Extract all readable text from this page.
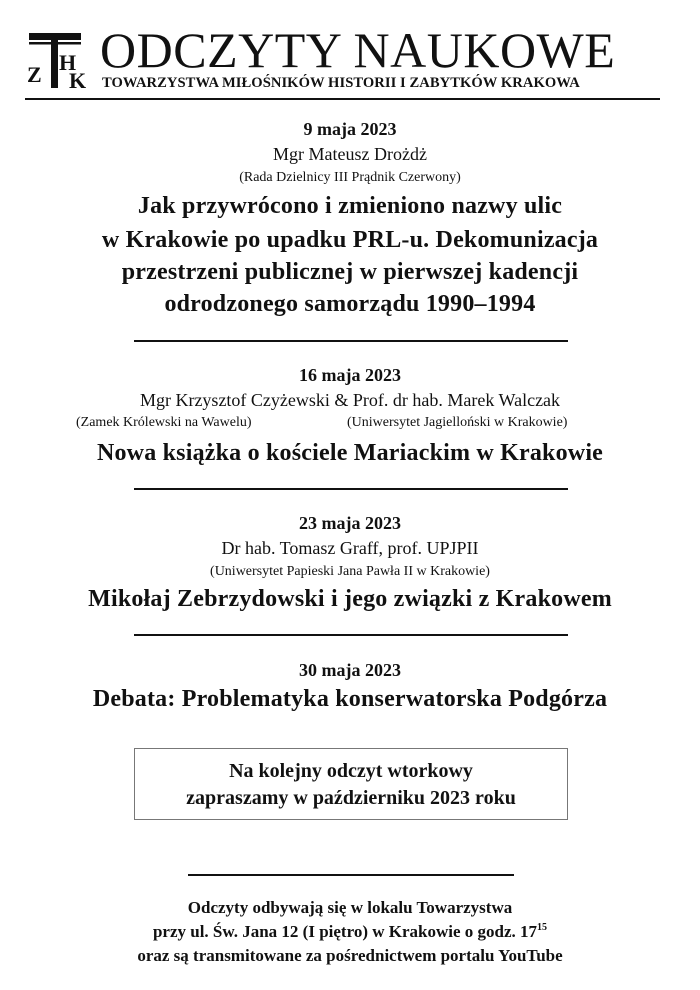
Z H
K
ODCZYTY NAUKOWE
TOWARZYSTWA MIŁOŚNIKÓW HISTORII I ZABYTKÓW KRAKOWA
9 maja 2023
Mgr Mateusz Drożdż
(Rada Dzielnicy III Prądnik Czerwony)
Jak przywrócono i zmieniono nazwy ulic
w Krakowie po upadku PRL-u. Dekomunizacja
przestrzeni publicznej w pierwszej kadencji
odrodzonego samorządu 1990–1994
16 maja 2023
Mgr Krzysztof Czyżewski & Prof. dr hab. Marek Walczak
(Zamek Królewski na Wawelu)	(Uniwersytet Jagielloński w Krakowie)
Nowa książka o kościele Mariackim w Krakowie
23 maja 2023
Dr hab. Tomasz Graff, prof. UPJPII
(Uniwersytet Papieski Jana Pawła II w Krakowie)
Mikołaj Zebrzydowski i jego związki z Krakowem
30 maja 2023
Debata: Problematyka konserwatorska Podgórza
Na kolejny odczyt wtorkowy
zapraszamy w październiku 2023 roku
Odczyty odbywają się w lokalu Towarzystwa
przy ul. Św. Jana 12 (I piętro) w Krakowie o godz. $17^{15}$
oraz są transmitowane za pośrednictwem portalu YouTube
